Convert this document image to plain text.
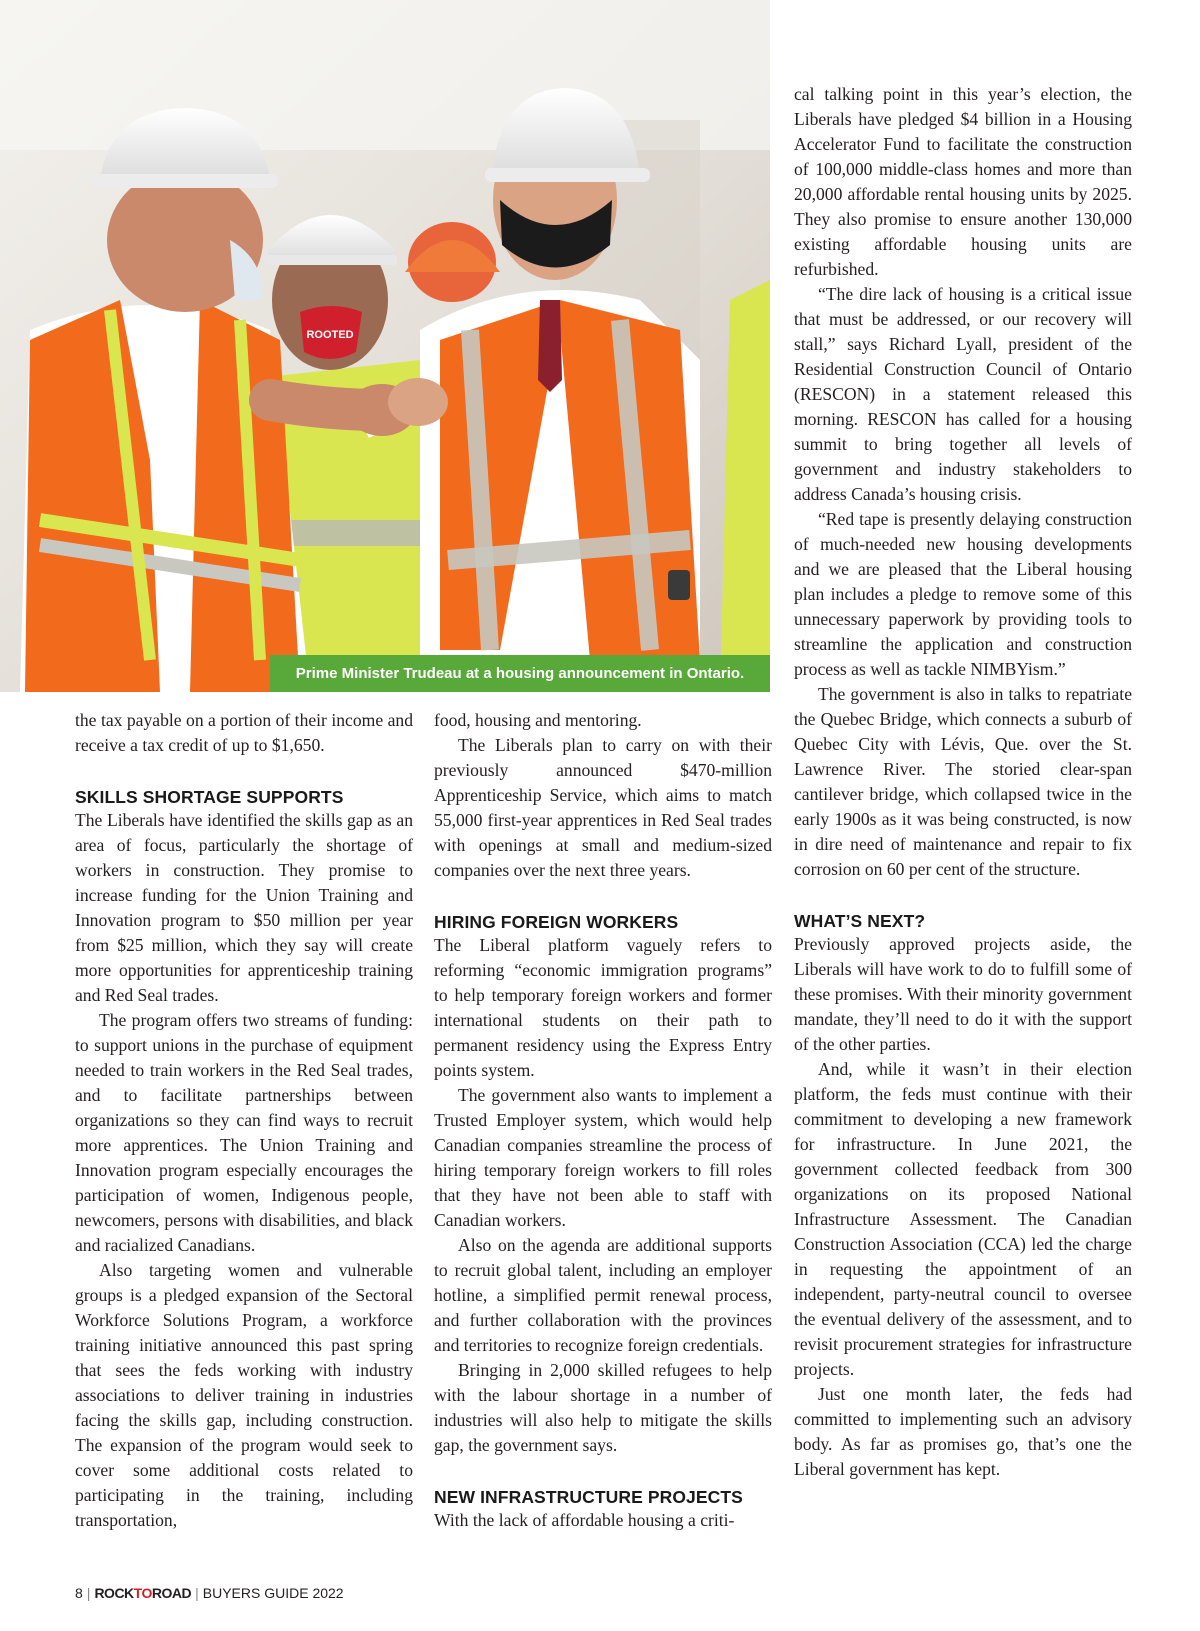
ROOTED
Prime Minister Trudeau at a housing announcement in Ontario.

the tax payable on a portion of their income and receive a tax credit of up to $1,650.

SKILLS SHORTAGE SUPPORTS

The Liberals have identified the skills gap as an area of focus, particularly the shortage of workers in construction. They promise to increase funding for the Union Training and Innovation program to $50 million per year from $25 million, which they say will create more opportunities for apprenticeship training and Red Seal trades.

The program offers two streams of funding: to support unions in the purchase of equipment needed to train workers in the Red Seal trades, and to facilitate partnerships between organizations so they can find ways to recruit more apprentices. The Union Training and Innovation program especially encourages the participation of women, Indigenous people, newcomers, persons with disabilities, and black and racialized Canadians.

Also targeting women and vulnerable groups is a pledged expansion of the Sectoral Workforce Solutions Program, a workforce training initiative announced this past spring that sees the feds working with industry associations to deliver training in industries facing the skills gap, including construction. The expansion of the program would seek to cover some additional costs related to participating in the training, including transportation,

food, housing and mentoring.

The Liberals plan to carry on with their previously announced $470-million Apprenticeship Service, which aims to match 55,000 first-year apprentices in Red Seal trades with openings at small and medium-sized companies over the next three years.

HIRING FOREIGN WORKERS

The Liberal platform vaguely refers to reforming “economic immigration programs” to help temporary foreign workers and former international students on their path to permanent residency using the Express Entry points system.

The government also wants to implement a Trusted Employer system, which would help Canadian companies streamline the process of hiring temporary foreign workers to fill roles that they have not been able to staff with Canadian workers.

Also on the agenda are additional supports to recruit global talent, including an employer hotline, a simplified permit renewal process, and further collaboration with the provinces and territories to recognize foreign credentials.

Bringing in 2,000 skilled refugees to help with the labour shortage in a number of industries will also help to mitigate the skills gap, the government says.

NEW INFRASTRUCTURE PROJECTS

With the lack of affordable housing a criti-

cal talking point in this year’s election, the Liberals have pledged $4 billion in a Housing Accelerator Fund to facilitate the construction of 100,000 middle-class homes and more than 20,000 affordable rental housing units by 2025. They also promise to ensure another 130,000 existing affordable housing units are refurbished.

“The dire lack of housing is a critical issue that must be addressed, or our recovery will stall,” says Richard Lyall, president of the Residential Construction Council of Ontario (RESCON) in a statement released this morning. RESCON has called for a housing summit to bring together all levels of government and industry stakeholders to address Canada’s housing crisis.

“Red tape is presently delaying construction of much-needed new housing developments and we are pleased that the Liberal housing plan includes a pledge to remove some of this unnecessary paperwork by providing tools to streamline the application and construction process as well as tackle NIMBYism.”

The government is also in talks to repatriate the Quebec Bridge, which connects a suburb of Quebec City with Lévis, Que. over the St. Lawrence River. The storied clear-span cantilever bridge, which collapsed twice in the early 1900s as it was being constructed, is now in dire need of maintenance and repair to fix corrosion on 60 per cent of the structure.

WHAT’S NEXT?

Previously approved projects aside, the Liberals will have work to do to fulfill some of these promises. With their minority government mandate, they’ll need to do it with the support of the other parties.

And, while it wasn’t in their election platform, the feds must continue with their commitment to developing a new framework for infrastructure. In June 2021, the government collected feedback from 300 organizations on its proposed National Infrastructure Assessment. The Canadian Construction Association (CCA) led the charge in requesting the appointment of an independent, party-neutral council to oversee the eventual delivery of the assessment, and to revisit procurement strategies for infrastructure projects.

Just one month later, the feds had committed to implementing such an advisory body. As far as promises go, that’s one the Liberal government has kept.

8 | ROCKTOROAD | BUYERS GUIDE 2022
